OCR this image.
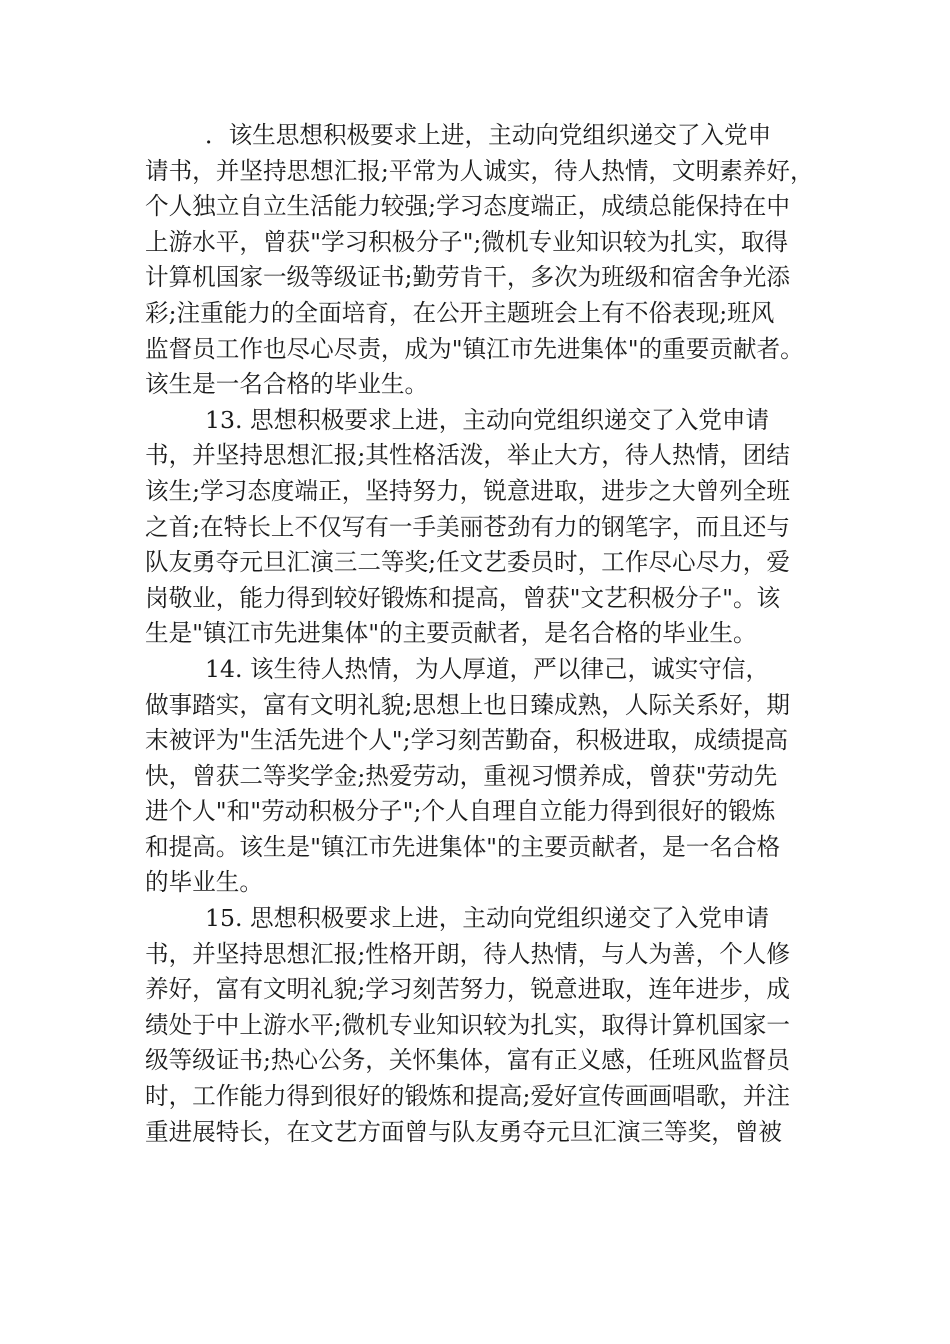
．该生思想积极要求上进，主动向党组织递交了入党申
请书，并坚持思想汇报;平常为人诚实，待人热情，文明素养好，
个人独立自立生活能力较强;学习态度端正，成绩总能保持在中
上游水平，曾获"学习积极分子";微机专业知识较为扎实，取得
计算机国家一级等级证书;勤劳肯干，多次为班级和宿舍争光添
彩;注重能力的全面培育，在公开主题班会上有不俗表现;班风
监督员工作也尽心尽责，成为"镇江市先进集体"的重要贡献者。
该生是一名合格的毕业生。
13. 思想积极要求上进，主动向党组织递交了入党申请
书，并坚持思想汇报;其性格活泼，举止大方，待人热情，团结
该生;学习态度端正，坚持努力，锐意进取，进步之大曾列全班
之首;在特长上不仅写有一手美丽苍劲有力的钢笔字，而且还与
队友勇夺元旦汇演三二等奖;任文艺委员时，工作尽心尽力，爱
岗敬业，能力得到较好锻炼和提高，曾获"文艺积极分子"。该
生是"镇江市先进集体"的主要贡献者，是名合格的毕业生。
14. 该生待人热情，为人厚道，严以律己，诚实守信，
做事踏实，富有文明礼貌;思想上也日臻成熟，人际关系好，期
末被评为"生活先进个人";学习刻苦勤奋，积极进取，成绩提高
快，曾获二等奖学金;热爱劳动，重视习惯养成，曾获"劳动先
进个人"和"劳动积极分子";个人自理自立能力得到很好的锻炼
和提高。该生是"镇江市先进集体"的主要贡献者，是一名合格
的毕业生。
15. 思想积极要求上进，主动向党组织递交了入党申请
书，并坚持思想汇报;性格开朗，待人热情，与人为善，个人修
养好，富有文明礼貌;学习刻苦努力，锐意进取，连年进步，成
绩处于中上游水平;微机专业知识较为扎实，取得计算机国家一
级等级证书;热心公务，关怀集体，富有正义感，任班风监督员
时，工作能力得到很好的锻炼和提高;爱好宣传画画唱歌，并注
重进展特长，在文艺方面曾与队友勇夺元旦汇演三等奖，曾被
